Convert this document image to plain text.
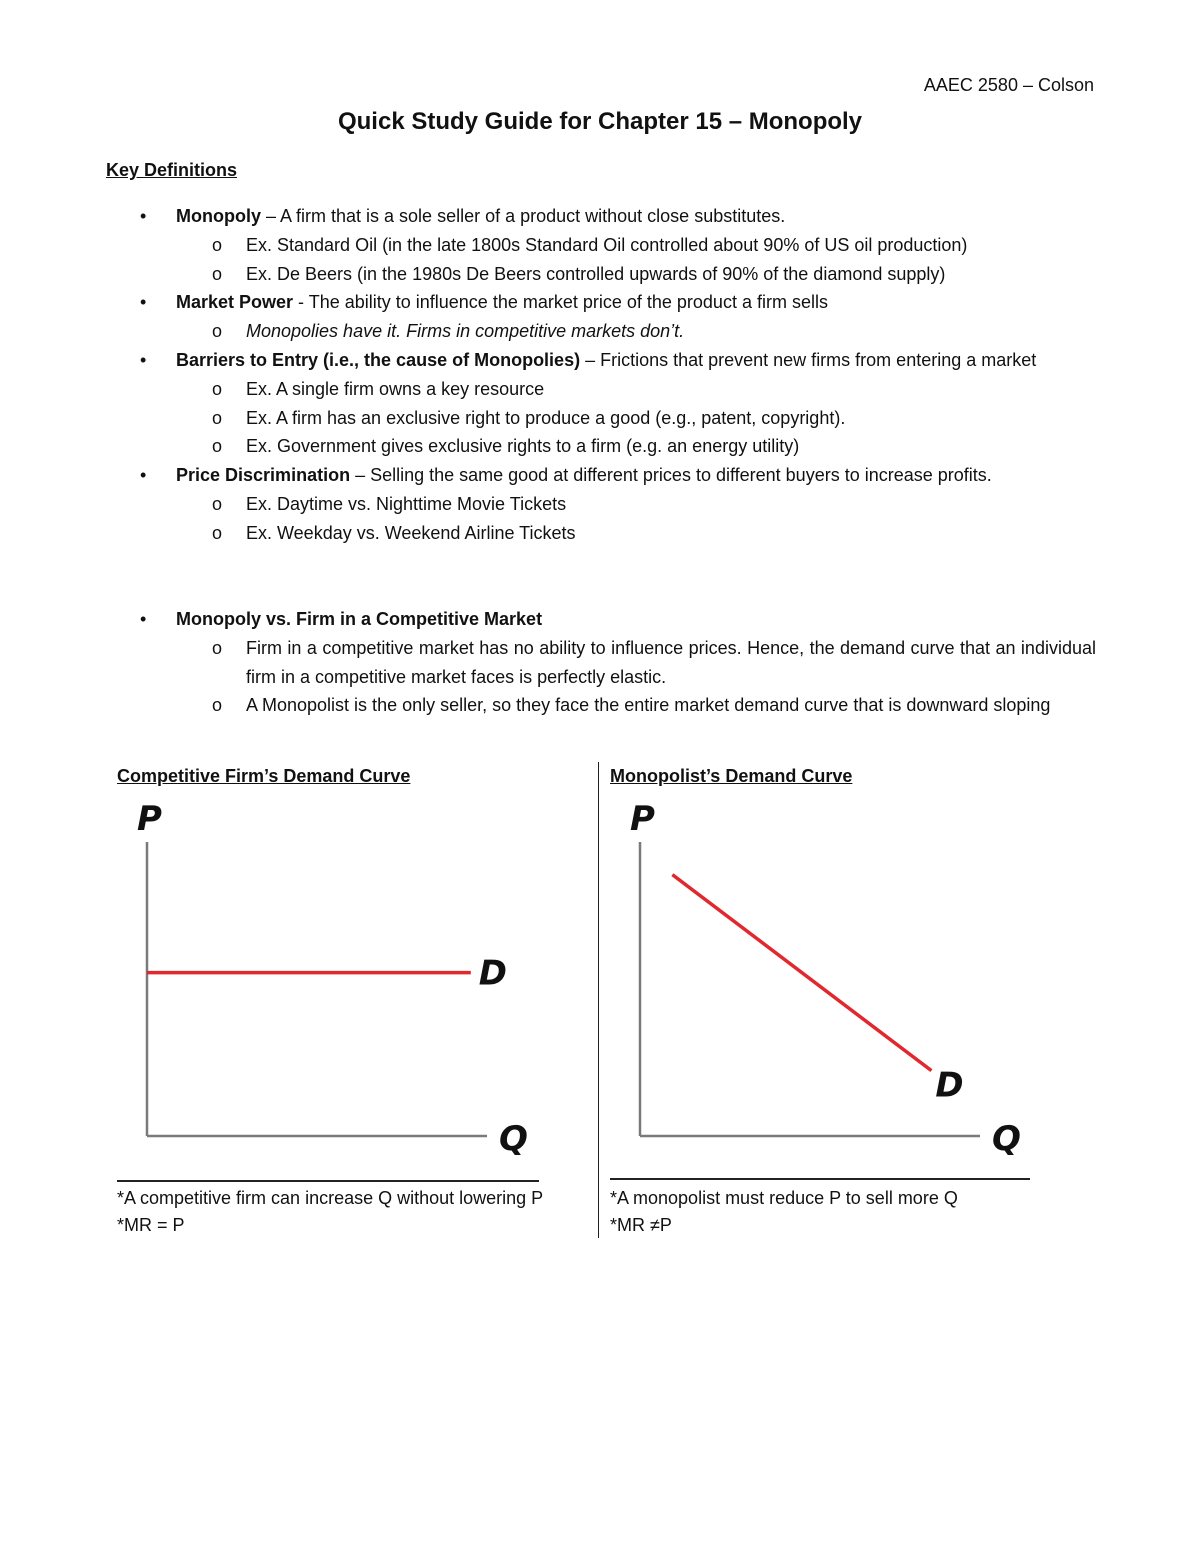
AAEC 2580 – Colson
Quick Study Guide for Chapter 15 – Monopoly
Key Definitions
• Monopoly – A firm that is a sole seller of a product without close substitutes.
o Ex. Standard Oil (in the late 1800s Standard Oil controlled about 90% of US oil production)
o Ex. De Beers (in the 1980s De Beers controlled upwards of 90% of the diamond supply)
• Market Power - The ability to influence the market price of the product a firm sells
o Monopolies have it. Firms in competitive markets don’t.
• Barriers to Entry (i.e., the cause of Monopolies) – Frictions that prevent new firms from entering a market
o Ex. A single firm owns a key resource
o Ex. A firm has an exclusive right to produce a good (e.g., patent, copyright).
o Ex. Government gives exclusive rights to a firm (e.g. an energy utility)
• Price Discrimination – Selling the same good at different prices to different buyers to increase profits.
o Ex. Daytime vs. Nighttime Movie Tickets
o Ex. Weekday vs. Weekend Airline Tickets
• Monopoly vs. Firm in a Competitive Market
o Firm in a competitive market has no ability to influence prices. Hence, the demand curve that an individual firm in a competitive market faces is perfectly elastic.
o A Monopolist is the only seller, so they face the entire market demand curve that is downward sloping
Competitive Firm’s Demand Curve	Monopolist’s Demand Curve
P
Q
D
P
Q
D
*A competitive firm can increase Q without lowering P
*MR = P
*A monopolist must reduce P to sell more Q
*MR ≠P
